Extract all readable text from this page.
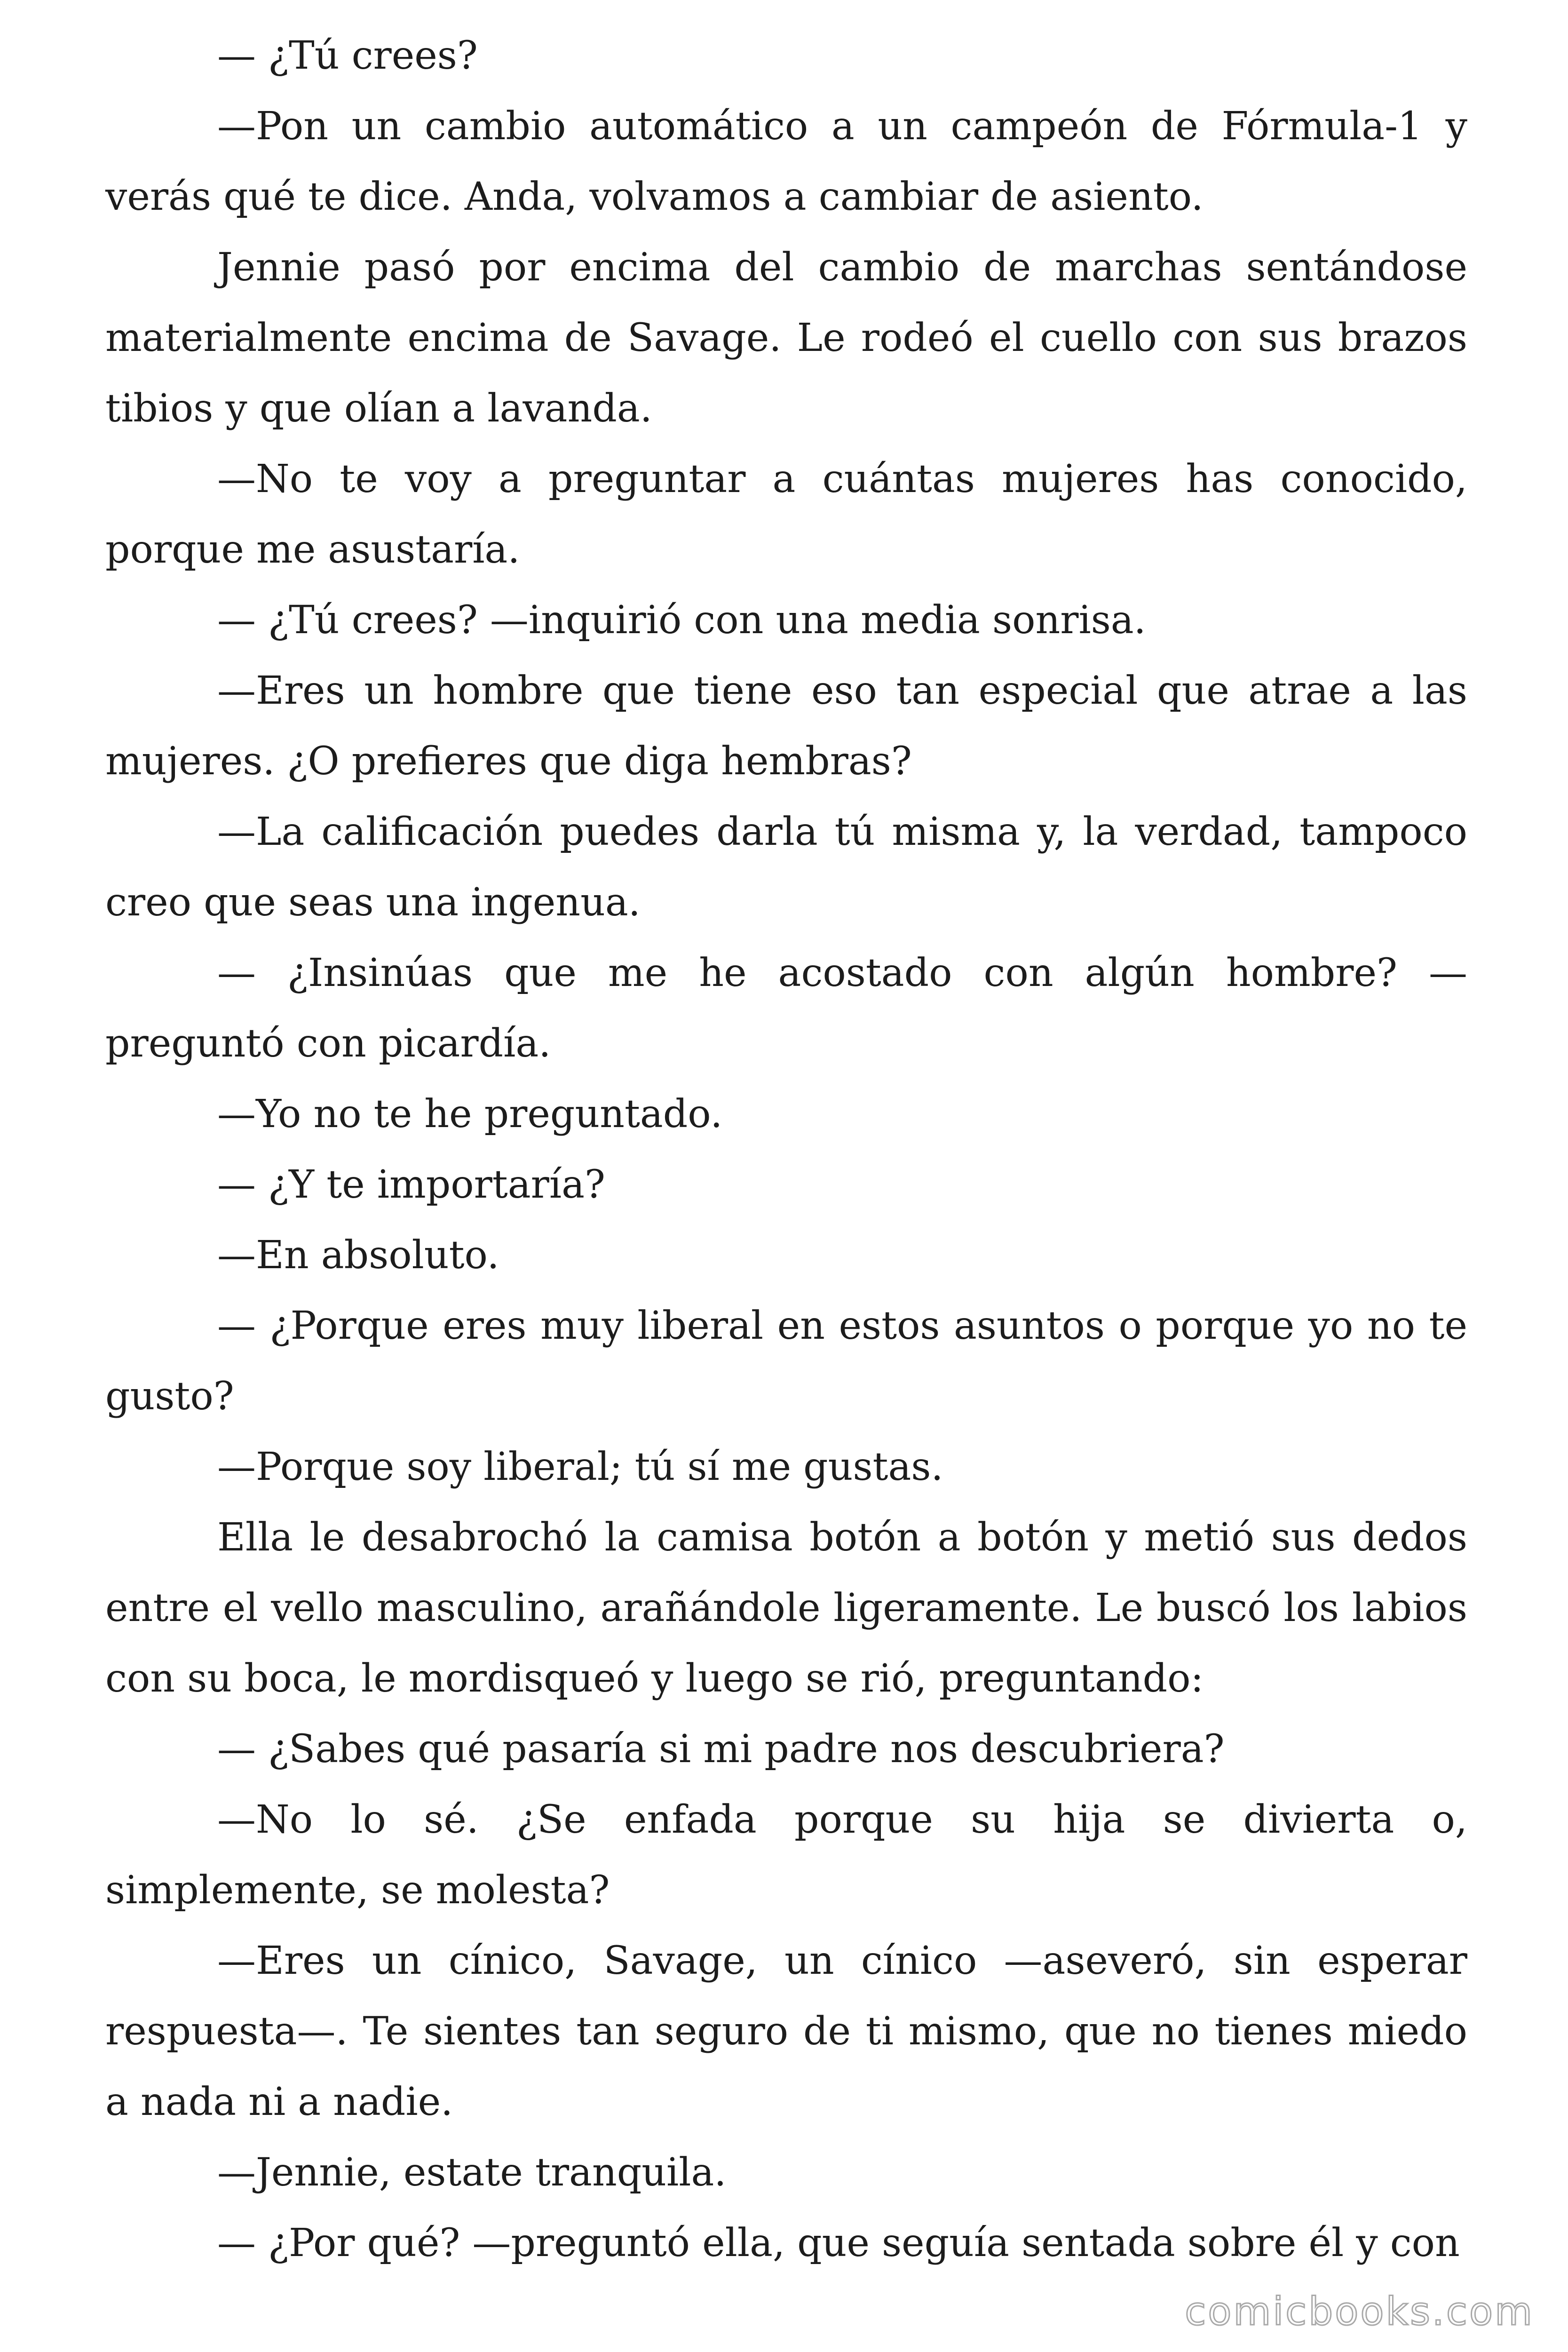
— ¿Tú crees?

—Pon un cambio automático a un campeón de Fórmula-1 y verás qué te dice. Anda, volvamos a cambiar de asiento.

Jennie pasó por encima del cambio de marchas sentándose materialmente encima de Savage. Le rodeó el cuello con sus brazos tibios y que olían a lavanda.

—No te voy a preguntar a cuántas mujeres has conocido, porque me asustaría.

— ¿Tú crees? —inquirió con una media sonrisa.

—Eres un hombre que tiene eso tan especial que atrae a las mujeres. ¿O prefieres que diga hembras?

—La calificación puedes darla tú misma y, la verdad, tampoco creo que seas una ingenua.

— ¿Insinúas que me he acostado con algún hombre? —preguntó con picardía.

—Yo no te he preguntado.

— ¿Y te importaría?

—En absoluto.

— ¿Porque eres muy liberal en estos asuntos o porque yo no te gusto?

—Porque soy liberal; tú sí me gustas.

Ella le desabrochó la camisa botón a botón y metió sus dedos entre el vello masculino, arañándole ligeramente. Le buscó los labios con su boca, le mordisqueó y luego se rió, preguntando:

— ¿Sabes qué pasaría si mi padre nos descubriera?

—No lo sé. ¿Se enfada porque su hija se divierta o, simplemente, se molesta?

—Eres un cínico, Savage, un cínico —aseveró, sin esperar respuesta—. Te sientes tan seguro de ti mismo, que no tienes miedo a nada ni a nadie.

—Jennie, estate tranquila.

— ¿Por qué? —preguntó ella, que seguía sentada sobre él y con

comicbooks.com
